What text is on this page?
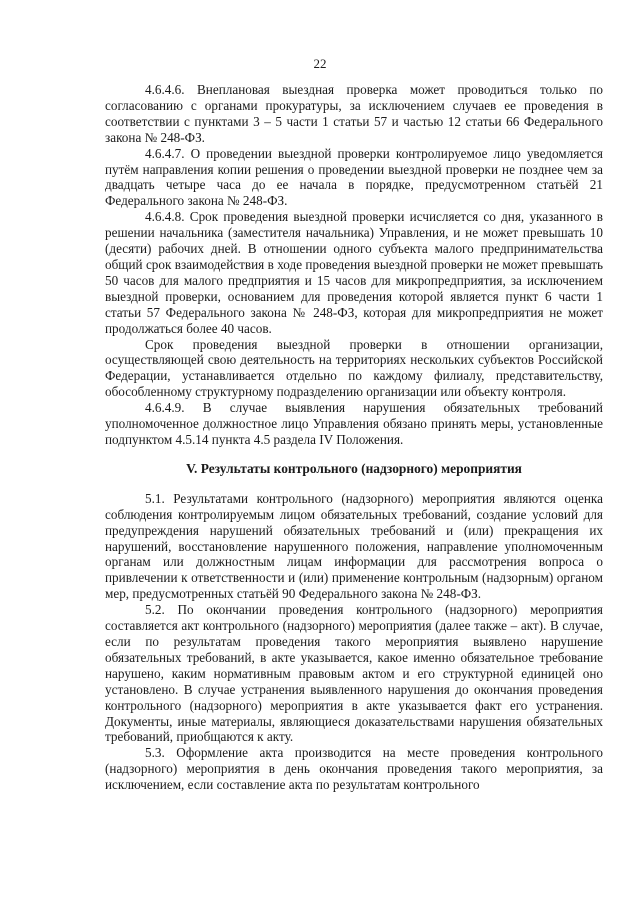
22

4.6.4.6. Внеплановая выездная проверка может проводиться только по согласованию с органами прокуратуры, за исключением случаев ее проведения в соответствии с пунктами 3 – 5 части 1 статьи 57 и частью 12 статьи 66 Федерального закона № 248-ФЗ.

4.6.4.7. О проведении выездной проверки контролируемое лицо уведомляется путём направления копии решения о проведении выездной проверки не позднее чем за двадцать четыре часа до ее начала в порядке, предусмотренном статьёй 21 Федерального закона № 248-ФЗ.

4.6.4.8. Срок проведения выездной проверки исчисляется со дня, указанного в решении начальника (заместителя начальника) Управления, и не может превышать 10 (десяти) рабочих дней. В отношении одного субъекта малого предпринимательства общий срок взаимодействия в ходе проведения выездной проверки не может превышать 50 часов для малого предприятия и 15 часов для микропредприятия, за исключением выездной проверки, основанием для проведения которой является пункт 6 части 1 статьи 57 Федерального закона № 248-ФЗ, которая для микропредприятия не может продолжаться более 40 часов.

Срок проведения выездной проверки в отношении организации, осуществляющей свою деятельность на территориях нескольких субъектов Российской Федерации, устанавливается отдельно по каждому филиалу, представительству, обособленному структурному подразделению организации или объекту контроля.

4.6.4.9. В случае выявления нарушения обязательных требований уполномоченное должностное лицо Управления обязано принять меры, установленные подпунктом 4.5.14 пункта 4.5 раздела IV Положения.

V. Результаты контрольного (надзорного) мероприятия

5.1. Результатами контрольного (надзорного) мероприятия являются оценка соблюдения контролируемым лицом обязательных требований, создание условий для предупреждения нарушений обязательных требований и (или) прекращения их нарушений, восстановление нарушенного положения, направление уполномоченным органам или должностным лицам информации для рассмотрения вопроса о привлечении к ответственности и (или) применение контрольным (надзорным) органом мер, предусмотренных статьёй 90 Федерального закона № 248-ФЗ.

5.2. По окончании проведения контрольного (надзорного) мероприятия составляется акт контрольного (надзорного) мероприятия (далее также – акт). В случае, если по результатам проведения такого мероприятия выявлено нарушение обязательных требований, в акте указывается, какое именно обязательное требование нарушено, каким нормативным правовым актом и его структурной единицей оно установлено. В случае устранения выявленного нарушения до окончания проведения контрольного (надзорного) мероприятия в акте указывается факт его устранения. Документы, иные материалы, являющиеся доказательствами нарушения обязательных требований, приобщаются к акту.

5.3. Оформление акта производится на месте проведения контрольного (надзорного) мероприятия в день окончания проведения такого мероприятия, за исключением, если составление акта по результатам контрольного
